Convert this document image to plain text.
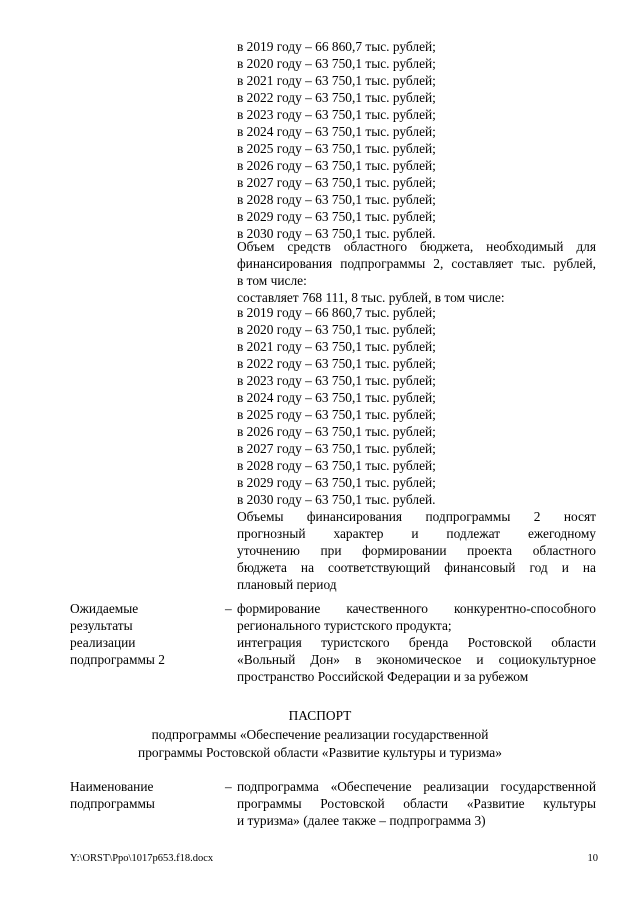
в 2019 году – 66 860,7 тыс. рублей;
в 2020 году – 63 750,1 тыс. рублей;
в 2021 году – 63 750,1 тыс. рублей;
в 2022 году – 63 750,1 тыс. рублей;
в 2023 году – 63 750,1 тыс. рублей;
в 2024 году – 63 750,1 тыс. рублей;
в 2025 году – 63 750,1 тыс. рублей;
в 2026 году – 63 750,1 тыс. рублей;
в 2027 году – 63 750,1 тыс. рублей;
в 2028 году – 63 750,1 тыс. рублей;
в 2029 году – 63 750,1 тыс. рублей;
в 2030 году – 63 750,1 тыс. рублей.
Объем средств областного бюджета, необходимый для
финансирования подпрограммы 2, составляет тыс. рублей,
в том числе:
составляет 768 111, 8 тыс. рублей, в том числе:
в 2019 году – 66 860,7 тыс. рублей;
в 2020 году – 63 750,1 тыс. рублей;
в 2021 году – 63 750,1 тыс. рублей;
в 2022 году – 63 750,1 тыс. рублей;
в 2023 году – 63 750,1 тыс. рублей;
в 2024 году – 63 750,1 тыс. рублей;
в 2025 году – 63 750,1 тыс. рублей;
в 2026 году – 63 750,1 тыс. рублей;
в 2027 году – 63 750,1 тыс. рублей;
в 2028 году – 63 750,1 тыс. рублей;
в 2029 году – 63 750,1 тыс. рублей;
в 2030 году – 63 750,1 тыс. рублей.
Объемы финансирования подпрограммы 2 носят
прогнозный характер и подлежат ежегодному
уточнению при формировании проекта областного
бюджета на соответствующий финансовый год и на
плановый период
Ожидаемые
результаты
реализации
подпрограммы 2
– формирование качественного конкурентно-способного
регионального туристского продукта;
интеграция туристского бренда Ростовской области
«Вольный Дон» в экономическое и социокультурное
пространство Российской Федерации и за рубежом
ПАСПОРТ
подпрограммы «Обеспечение реализации государственной
программы Ростовской области «Развитие культуры и туризма»
Наименование
подпрограммы
– подпрограмма «Обеспечение реализации государственной
программы Ростовской области «Развитие культуры
и туризма» (далее также – подпрограмма 3)
Y:\ORST\Ppo\1017p653.f18.docx	10
